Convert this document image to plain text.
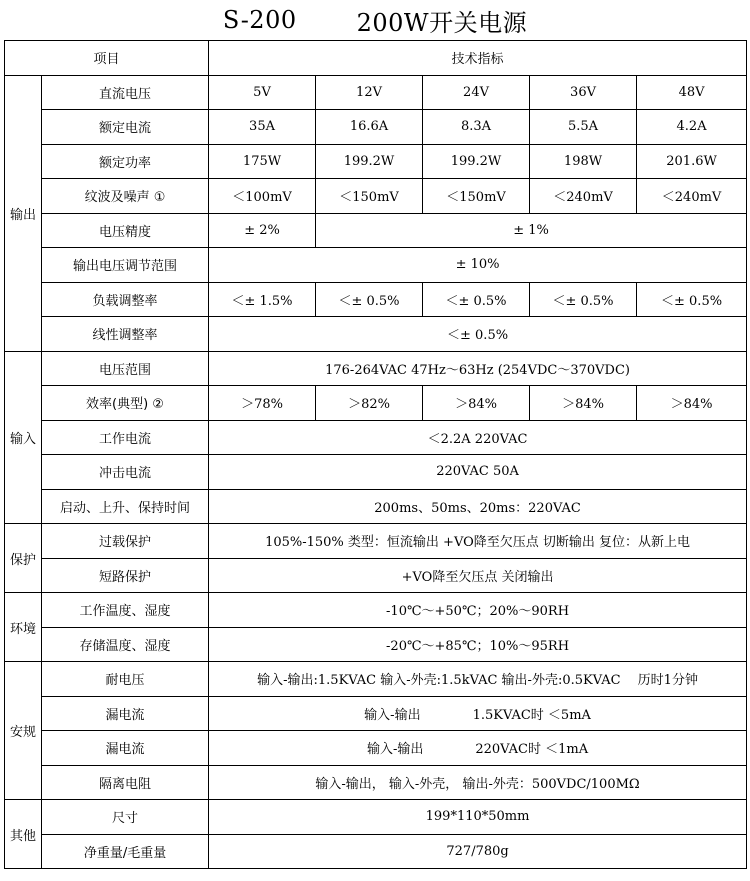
S-200	200W开关电源
项目		技术指标				
输出	直流电压	5V	12V	24V	36V	48V
	额定电流	35A	16.6A	8.3A	5.5A	4.2A
	额定功率	175W	199.2W	199.2W	198W	201.6W
	纹波及噪声 ①	＜100mV	＜150mV	＜150mV	＜240mV	＜240mV
	电压精度	± 2%	± 1%			
	输出电压调节范围	± 10%				
	负载调整率	＜± 1.5%	＜± 0.5%	＜± 0.5%	＜± 0.5%	＜± 0.5%
	线性调整率	＜± 0.5%				
输入	电压范围	176-264VAC 47Hz～63Hz (254VDC～370VDC)				
	效率(典型) ②	＞78%	＞82%	＞84%	＞84%	＞84%
	工作电流	＜2.2A 220VAC				
	冲击电流	220VAC 50A				
	启动、上升、保持时间	200ms、50ms、20ms：220VAC				
保护	过载保护	105%-150% 类型：恒流输出 +VO降至欠压点 切断输出 复位：从新上电				
	短路保护	+VO降至欠压点 关闭输出				
环境	工作温度、湿度	-10℃～+50℃；20%～90RH				
	存储温度、湿度	-20℃～+85℃；10%～95RH				
安规	耐电压	输入-输出:1.5KVAC 输入-外壳:1.5kVAC 输出-外壳:0.5KVAC　 历时1分钟				
	漏电流	输入-输出　　　　1.5KVAC时 ＜5mA				
	漏电流	输入-输出　　　　220VAC时 ＜1mA				
	隔离电阻	输入-输出， 输入-外壳， 输出-外壳：500VDC/100MΩ				
其他	尺寸	199*110*50mm				
	净重量/毛重量	727/780g				
